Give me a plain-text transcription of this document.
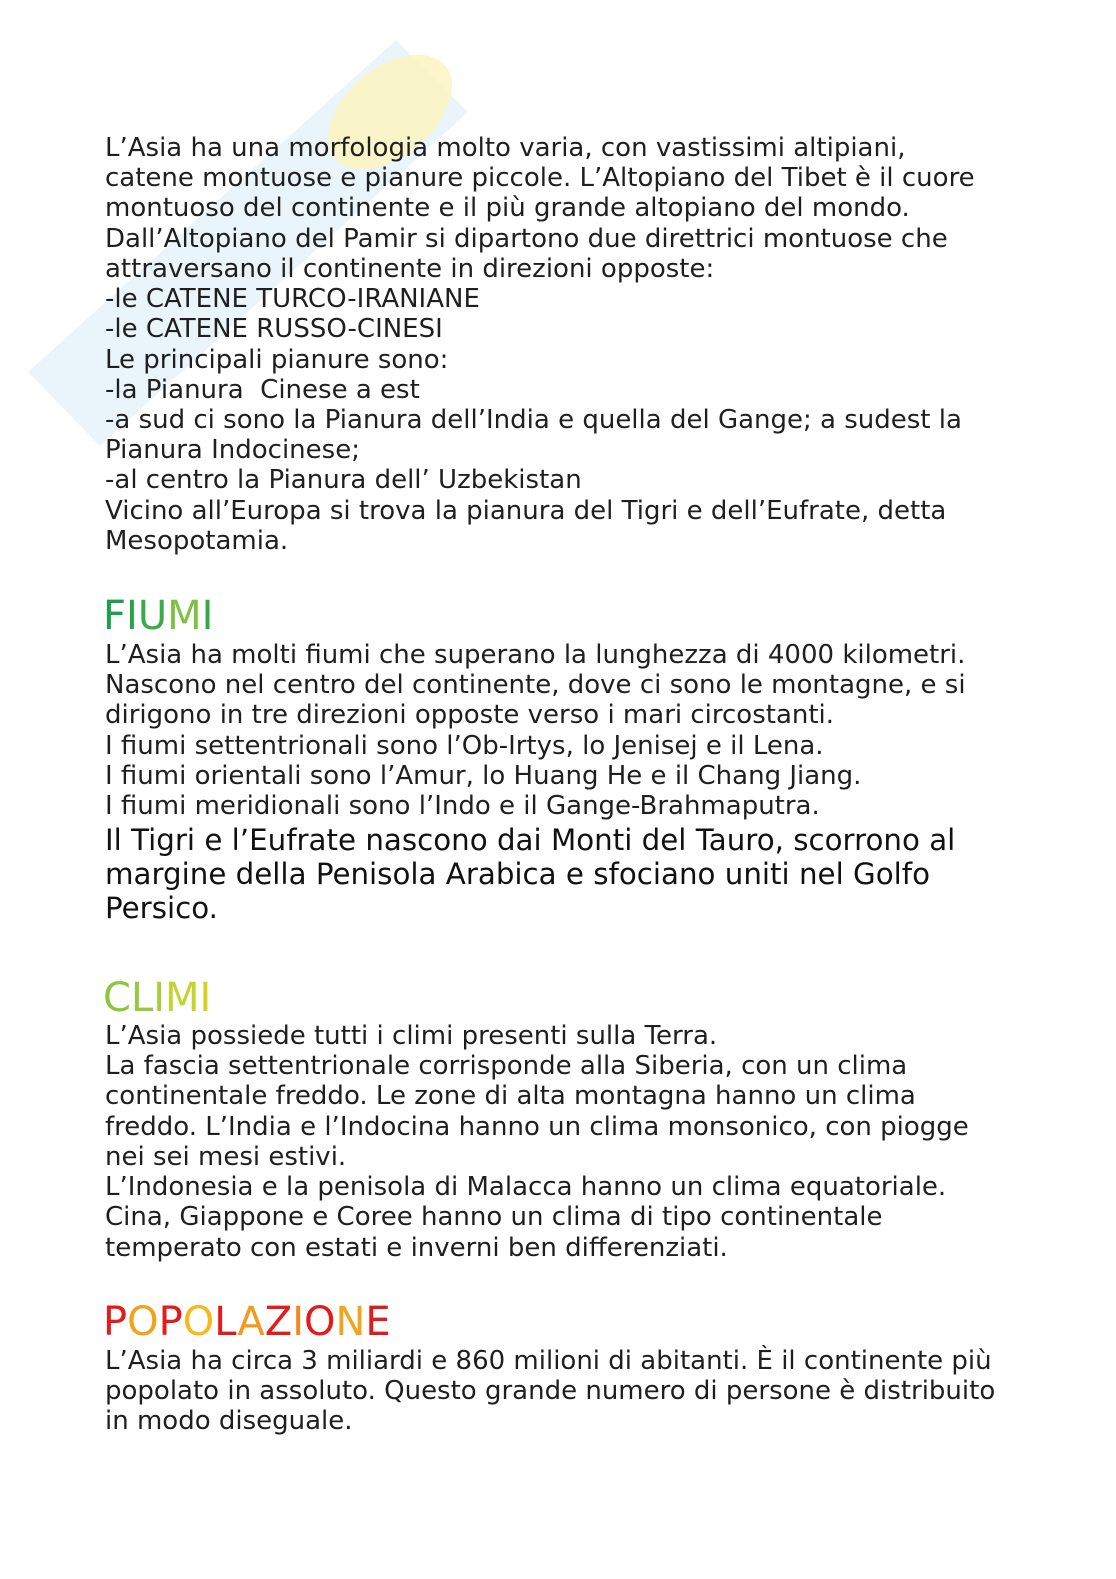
L’Asia ha una morfologia molto varia, con vastissimi altipiani,
catene montuose e pianure piccole. L’Altopiano del Tibet è il cuore
montuoso del continente e il più grande altopiano del mondo.
Dall’Altopiano del Pamir si dipartono due direttrici montuose che
attraversano il continente in direzioni opposte:
-le CATENE TURCO-IRANIANE
-le CATENE RUSSO-CINESI
Le principali pianure sono:
-la Pianura  Cinese a est
-a sud ci sono la Pianura dell’India e quella del Gange; a sudest la
Pianura Indocinese;
-al centro la Pianura dell’ Uzbekistan
Vicino all’Europa si trova la pianura del Tigri e dell’Eufrate, detta
Mesopotamia.
FIUMI
L’Asia ha molti fiumi che superano la lunghezza di 4000 kilometri.
Nascono nel centro del continente, dove ci sono le montagne, e si
dirigono in tre direzioni opposte verso i mari circostanti.
I fiumi settentrionali sono l’Ob-Irtys, lo Jenisej e il Lena.
I fiumi orientali sono l’Amur, lo Huang He e il Chang Jiang.
I fiumi meridionali sono l’Indo e il Gange-Brahmaputra.
Il Tigri e l’Eufrate nascono dai Monti del Tauro, scorrono al
margine della Penisola Arabica e sfociano uniti nel Golfo
Persico.
CLIMI
L’Asia possiede tutti i climi presenti sulla Terra.
La fascia settentrionale corrisponde alla Siberia, con un clima
continentale freddo. Le zone di alta montagna hanno un clima
freddo. L’India e l’Indocina hanno un clima monsonico, con piogge
nei sei mesi estivi.
L’Indonesia e la penisola di Malacca hanno un clima equatoriale.
Cina, Giappone e Coree hanno un clima di tipo continentale
temperato con estati e inverni ben differenziati.
POPOLAZIONE
L’Asia ha circa 3 miliardi e 860 milioni di abitanti. È il continente più
popolato in assoluto. Questo grande numero di persone è distribuito
in modo diseguale.
